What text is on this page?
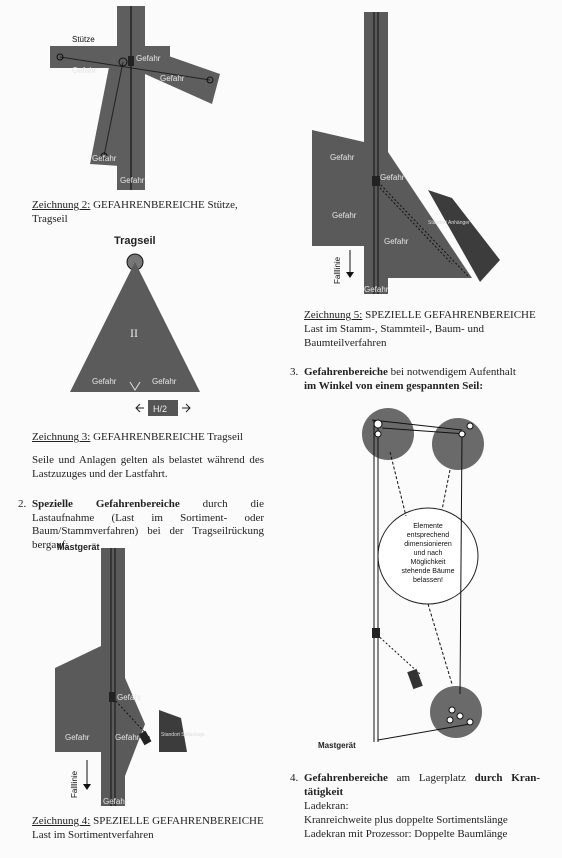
Stütze
Gefahr
Gefahr
Gefahr
Gefahr
Gefahr
Zeichnung 2: GEFAHRENBEREICHE Stütze,
Tragseil
Tragseil
II
Gefahr	Gefahr
H/2
Zeichnung 3: GEFAHRENBEREICHE Tragseil
Seile und Anlagen gelten als belastet während des Lastzuzuges und der Lastfahrt.
2. Spezielle Gefahrenbereiche durch die Lastaufnahme (Last im Sortiment- oder Baum/Stammverfahren) bei der Tragseilrückung bergauf:
Mastgerät
Gefahr
Gefahr	Gefahr
Gefahr
Standort Seilanlage
Falllinie
Zeichnung 4: SPEZIELLE GEFAHRENBEREICHE
Last im Sortimentverfahren
Gefahr
Gefahr
Gefahr
Gefahr
Gefahr
Standort Anhänger
Falllinie
Zeichnung 5: SPEZIELLE GEFAHRENBEREICHE
Last im Stamm-, Stammteil-, Baum- und Baumteilverfahren
3. Gefahrenbereiche bei notwendigem Aufenthalt
im Winkel von einem gespannten Seil:
Elemente
entsprechend
dimensionieren
und nach
Möglichkeit
stehende Bäume
belassen!
Mastgerät
4. Gefahrenbereiche am Lagerplatz durch Krantätigkeit
Ladekran:
Kranreichweite plus doppelte Sortimentslänge
Ladekran mit Prozessor: Doppelte Baumlänge
